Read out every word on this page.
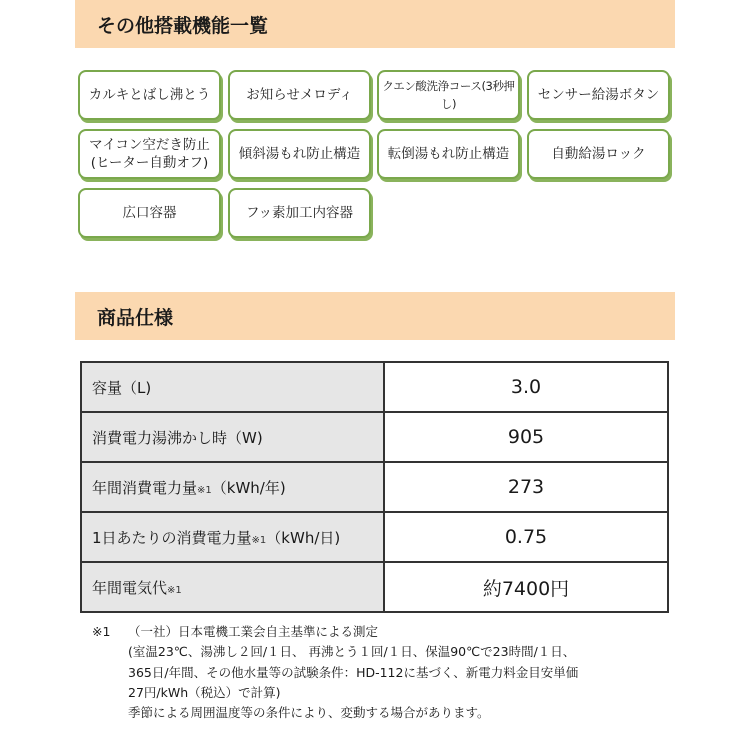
その他搭載機能一覧
カルキとばし沸とう	お知らせメロディ
クエン酸洗浄コース(3秒押し)
センサー給湯ボタン
マイコン空だき防止
(ヒーター自動オフ)
傾斜湯もれ防止構造	転倒湯もれ防止構造	自動給湯ロック
広口容器	フッ素加工内容器
商品仕様
容量（L)	3.0
消費電力湯沸かし時（W)	905
年間消費電力量※1（kWh/年)	273
1日あたりの消費電力量※1（kWh/日)	0.75
年間電気代※1	約7400円
※1 （一社）日本電機工業会自主基準による測定
(室温23℃、湯沸し２回/１日、 再沸とう１回/１日、保温90℃で23時間/１日、
365日/年間、その他水量等の試験条件：HD-112に基づく、新電力料金目安単価
27円/kWh（税込）で計算)
季節による周囲温度等の条件により、変動する場合があります。
